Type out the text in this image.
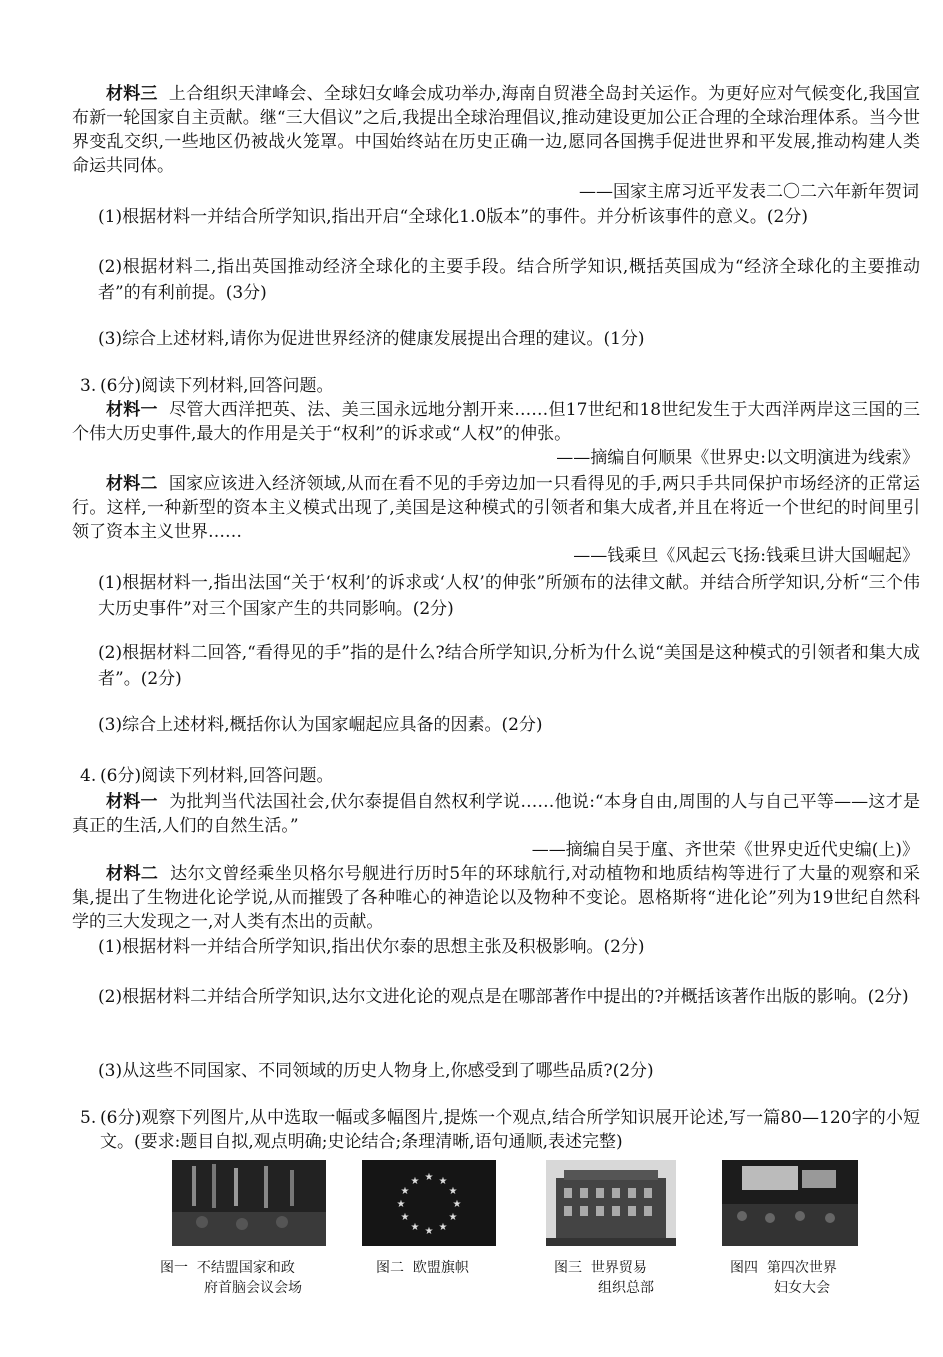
材料三 上合组织天津峰会、全球妇女峰会成功举办,海南自贸港全岛封关运作。为更好应对气候变化,我国宣布新一轮国家自主贡献。继“三大倡议”之后,我提出全球治理倡议,推动建设更加公正合理的全球治理体系。当今世界变乱交织,一些地区仍被战火笼罩。中国始终站在历史正确一边,愿同各国携手促进世界和平发展,推动构建人类命运共同体。

——国家主席习近平发表二〇二六年新年贺词

(1)根据材料一并结合所学知识,指出开启“全球化1.0版本”的事件。并分析该事件的意义。(2分)

(2)根据材料二,指出英国推动经济全球化的主要手段。结合所学知识,概括英国成为“经济全球化的主要推动者”的有利前提。(3分)

(3)综合上述材料,请你为促进世界经济的健康发展提出合理的建议。(1分)

3. (6分)阅读下列材料,回答问题。

材料一 尽管大西洋把英、法、美三国永远地分割开来……但17世纪和18世纪发生于大西洋两岸这三国的三个伟大历史事件,最大的作用是关于“权利”的诉求或“人权”的伸张。

——摘编自何顺果《世界史:以文明演进为线索》

材料二 国家应该进入经济领域,从而在看不见的手旁边加一只看得见的手,两只手共同保护市场经济的正常运行。这样,一种新型的资本主义模式出现了,美国是这种模式的引领者和集大成者,并且在将近一个世纪的时间里引领了资本主义世界……

——钱乘旦《风起云飞扬:钱乘旦讲大国崛起》

(1)根据材料一,指出法国“关于‘权利’的诉求或‘人权’的伸张”所颁布的法律文献。并结合所学知识,分析“三个伟大历史事件”对三个国家产生的共同影响。(2分)

(2)根据材料二回答,“看得见的手”指的是什么?结合所学知识,分析为什么说“美国是这种模式的引领者和集大成者”。(2分)

(3)综合上述材料,概括你认为国家崛起应具备的因素。(2分)

4. (6分)阅读下列材料,回答问题。

材料一 为批判当代法国社会,伏尔泰提倡自然权利学说……他说:“本身自由,周围的人与自己平等——这才是真正的生活,人们的自然生活。”

——摘编自吴于廑、齐世荣《世界史近代史编(上)》

材料二 达尔文曾经乘坐贝格尔号舰进行历时5年的环球航行,对动植物和地质结构等进行了大量的观察和采集,提出了生物进化论学说,从而摧毁了各种唯心的神造论以及物种不变论。恩格斯将“进化论”列为19世纪自然科学的三大发现之一,对人类有杰出的贡献。

(1)根据材料一并结合所学知识,指出伏尔泰的思想主张及积极影响。(2分)

(2)根据材料二并结合所学知识,达尔文进化论的观点是在哪部著作中提出的?并概括该著作出版的影响。(2分)

(3)从这些不同国家、不同领域的历史人物身上,你感受到了哪些品质?(2分)

5. (6分)观察下列图片,从中选取一幅或多幅图片,提炼一个观点,结合所学知识展开论述,写一篇80—120字的小短文。(要求:题目自拟,观点明确;史论结合;条理清晰,语句通顺,表述完整)

★ ★
★
★
★
★
★
★
★
★
★
★
图一 不结盟国家和政
府首脑会议会场
图二 欧盟旗帜	图三 世界贸易
组织总部
图四 第四次世界
妇女大会
